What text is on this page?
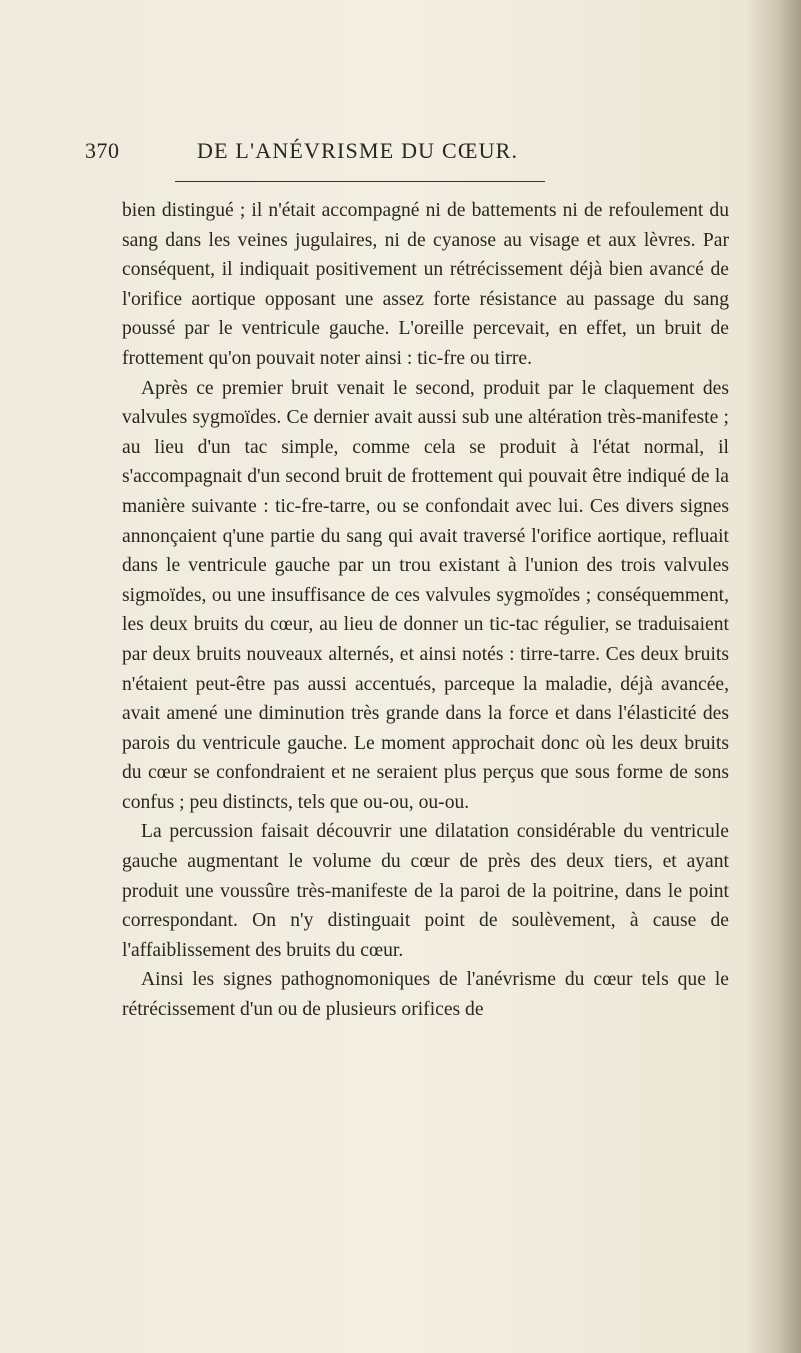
370	DE L'ANÉVRISME DU CŒUR.

bien distingué ; il n'était accompagné ni de battements ni de refoulement du sang dans les veines jugulaires, ni de cyanose au visage et aux lèvres. Par conséquent, il indiquait positivement un rétrécissement déjà bien avancé de l'orifice aortique opposant une assez forte résistance au passage du sang poussé par le ventricule gauche. L'oreille percevait, en effet, un bruit de frottement qu'on pouvait noter ainsi : tic-fre ou tirre.

Après ce premier bruit venait le second, produit par le claquement des valvules sygmoïdes. Ce dernier avait aussi sub une altération très-manifeste ; au lieu d'un tac simple, comme cela se produit à l'état normal, il s'accompagnait d'un second bruit de frottement qui pouvait être indiqué de la manière suivante : tic-fre-tarre, ou se confondait avec lui. Ces divers signes annonçaient q'une partie du sang qui avait traversé l'orifice aortique, refluait dans le ventricule gauche par un trou existant à l'union des trois valvules sigmoïdes, ou une insuffisance de ces valvules sygmoïdes ; conséquemment, les deux bruits du cœur, au lieu de donner un tic-tac régulier, se traduisaient par deux bruits nouveaux alternés, et ainsi notés : tirre-tarre. Ces deux bruits n'étaient peut-être pas aussi accentués, parceque la maladie, déjà avancée, avait amené une diminution très grande dans la force et dans l'élasticité des parois du ventricule gauche. Le moment approchait donc où les deux bruits du cœur se confondraient et ne seraient plus perçus que sous forme de sons confus ; peu distincts, tels que ou-ou, ou-ou.

La percussion faisait découvrir une dilatation considérable du ventricule gauche augmentant le volume du cœur de près des deux tiers, et ayant produit une voussûre très-manifeste de la paroi de la poitrine, dans le point correspondant. On n'y distinguait point de soulèvement, à cause de l'affaiblissement des bruits du cœur.

Ainsi les signes pathognomoniques de l'anévrisme du cœur tels que le rétrécissement d'un ou de plusieurs orifices de
